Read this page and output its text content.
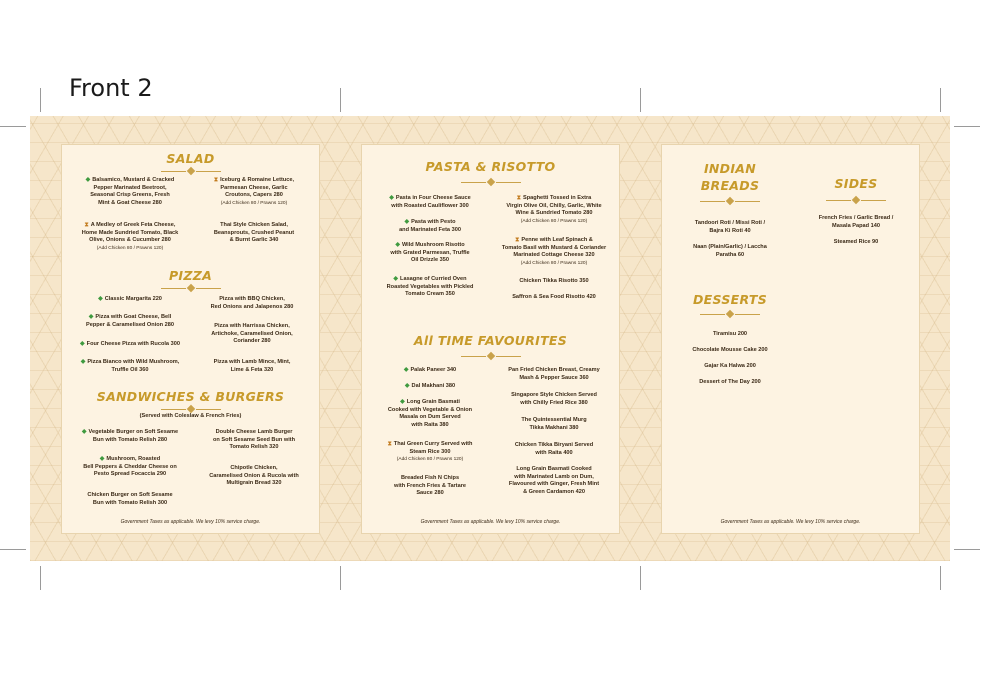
Front 2
SALAD
◆ Balsamico, Mustard & Cracked
Pepper Marinated Beetroot,
Seasonal Crisp Greens, Fresh
Mint & Goat Cheese 280
⧗ A Medley of Greek Feta Cheese,
Home Made Sundried Tomato, Black
Olive, Onions & Cucumber 280
(Add Chicken 80 / Prawns 120)
⧗ Iceburg & Romaine Lettuce,
Parmesan Cheese, Garlic
Croutons, Capers 280
(Add Chicken 80 / Prawns 120)
Thai Style Chicken Salad,
Beansprouts, Crushed Peanut
& Burnt Garlic 340
PIZZA
◆ Classic Margarita 220
◆ Pizza with Goat Cheese, Bell
Pepper & Caramelised Onion 280
◆ Four Cheese Pizza with Rucola 300
◆ Pizza Bianco with Wild Mushroom,
Truffle Oil 360
Pizza with BBQ Chicken,
Red Onions and Jalapenos 280
Pizza with Harrissa Chicken,
Artichoke, Caramelised Onion,
Coriander 280
Pizza with Lamb Mince, Mint,
Lime & Feta 320
SANDWICHES & BURGERS
(Served with Coleslaw & French Fries)
◆ Vegetable Burger on Soft Sesame
Bun with Tomato Relish 280
◆ Mushroom, Roasted
Bell Peppers & Cheddar Cheese on
Pesto Spread Focaccia 290
Chicken Burger on Soft Sesame
Bun with Tomato Relish 300
Double Cheese Lamb Burger
on Soft Sesame Seed Bun with
Tomato Relish 320
Chipotle Chicken,
Caramelised Onion & Rucola with
Multigrain Bread 320
Government Taxes as applicable. We levy 10% service charge.
PASTA & RISOTTO
◆ Pasta in Four Cheese Sauce
with Roasted Cauliflower 300
◆ Pasta with Pesto
and Marinated Feta 300
◆ Wild Mushroom Risotto
with Grated Parmesan, Truffle
Oil Drizzle 350
◆ Lasagne of Curried Oven
Roasted Vegetables with Pickled
Tomato Cream 350
⧗ Spaghetti Tossed in Extra
Virgin Olive Oil, Chilly, Garlic, White
Wine & Sundried Tomato 280
(Add Chicken 80 / Prawns 120)
⧗ Penne with Leaf Spinach &
Tomato Basil with Mustard & Coriander
Marinated Cottage Cheese 320
(Add Chicken 80 / Prawns 120)
Chicken Tikka Risotto 350
Saffron & Sea Food Risotto 420
All TIME FAVOURITES
◆ Palak Paneer 340
◆ Dal Makhani 380
◆ Long Grain Basmati
Cooked with Vegetable & Onion
Masala on Dum Served
with Raita 380
⧗ Thai Green Curry Served with
Steam Rice 300
(Add Chicken 80 / Prawns 120)
Breaded Fish N Chips
with French Fries & Tartare
Sauce 280
Pan Fried Chicken Breast, Creamy
Mash & Pepper Sauce 360
Singapore Style Chicken Served
with Chilly Fried Rice 380
The Quintessential Murg
Tikka Makhani 380
Chicken Tikka Biryani Served
with Raita 400
Long Grain Basmati Cooked
with Marinated Lamb on Dum,
Flavoured with Ginger, Fresh Mint
& Green Cardamon 420
Government Taxes as applicable. We levy 10% service charge.
INDIAN
BREADS
Tandoori Roti / Missi Roti /
Bajra Ki Roti 40
Naan (Plain/Garlic) / Laccha
Paratha 60
SIDES
French Fries / Garlic Bread /
Masala Papad 140
Steamed Rice 90
DESSERTS
Tiramisu 200
Chocolate Mousse Cake 200
Gajar Ka Halwa 200
Dessert of The Day 200
Government Taxes as applicable. We levy 10% service charge.
